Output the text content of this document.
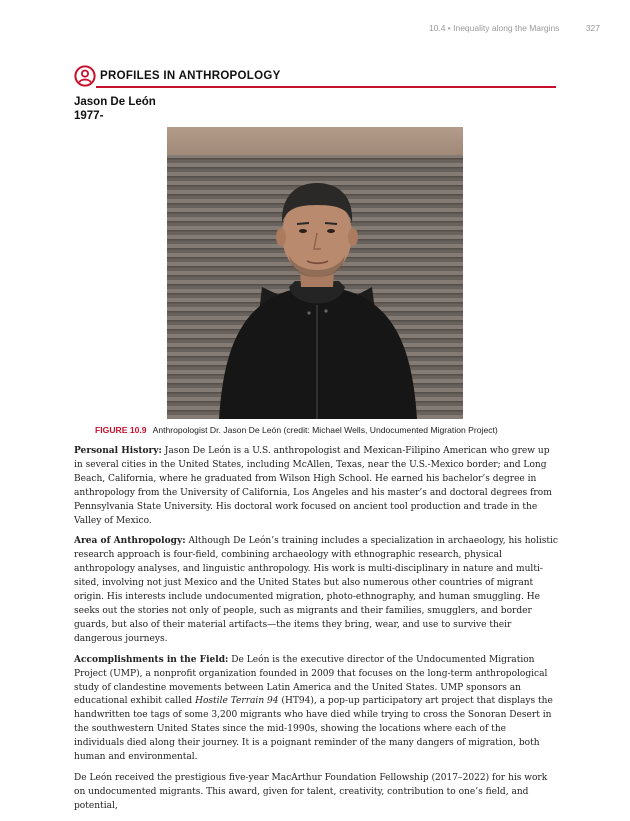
10.4 • Inequality along the Margins	327
PROFILES IN ANTHROPOLOGY
Jason De León
1977-
FIGURE 10.9 Anthropologist Dr. Jason De León (credit: Michael Wells, Undocumented Migration Project)

Personal History: Jason De León is a U.S. anthropologist and Mexican-Filipino American who grew up in several cities in the United States, including McAllen, Texas, near the U.S.-Mexico border; and Long Beach, California, where he graduated from Wilson High School. He earned his bachelor’s degree in anthropology from the University of California, Los Angeles and his master’s and doctoral degrees from Pennsylvania State University. His doctoral work focused on ancient tool production and trade in the Valley of Mexico.

Area of Anthropology: Although De León’s training includes a specialization in archaeology, his holistic research approach is four-field, combining archaeology with ethnographic research, physical anthropology analyses, and linguistic anthropology. His work is multi-disciplinary in nature and multi-sited, involving not just Mexico and the United States but also numerous other countries of migrant origin. His interests include undocumented migration, photo-ethnography, and human smuggling. He seeks out the stories not only of people, such as migrants and their families, smugglers, and border guards, but also of their material artifacts—the items they bring, wear, and use to survive their dangerous journeys.

Accomplishments in the Field: De León is the executive director of the Undocumented Migration Project (UMP), a nonprofit organization founded in 2009 that focuses on the long-term anthropological study of clandestine movements between Latin America and the United States. UMP sponsors an educational exhibit called Hostile Terrain 94 (HT94), a pop-up participatory art project that displays the handwritten toe tags of some 3,200 migrants who have died while trying to cross the Sonoran Desert in the southwestern United States since the mid-1990s, showing the locations where each of the individuals died along their journey. It is a poignant reminder of the many dangers of migration, both human and environmental.

De León received the prestigious five-year MacArthur Foundation Fellowship (2017–2022) for his work on undocumented migrants. This award, given for talent, creativity, contribution to one’s field, and potential,
